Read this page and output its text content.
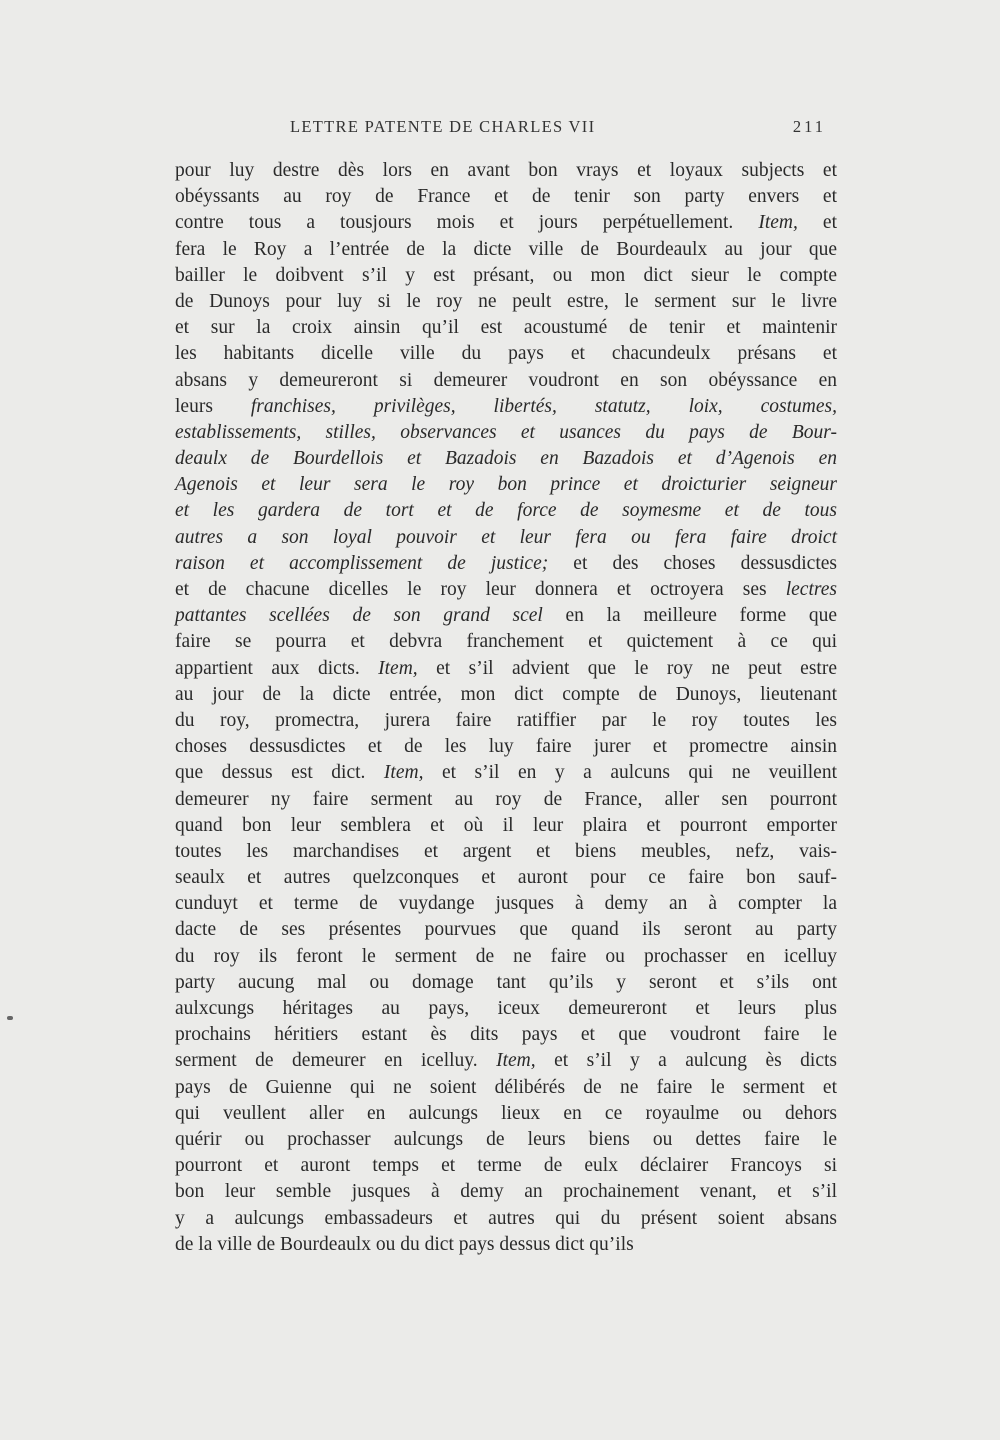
LETTRE PATENTE DE CHARLES VII	211
pour luy destre dès lors en avant bon vrays et loyaux subjects et
obéyssants au roy de France et de tenir son party envers et
contre tous a tousjours mois et jours perpétuellement. Item, et
fera le Roy a l’entrée de la dicte ville de Bourdeaulx au jour que
bailler le doibvent s’il y est présant, ou mon dict sieur le compte
de Dunoys pour luy si le roy ne peult estre, le serment sur le livre
et sur la croix ainsin qu’il est acoustumé de tenir et maintenir
les habitants dicelle ville du pays et chacundeulx présans et
absans y demeureront si demeurer voudront en son obéyssance en
leurs franchises, privilèges, libertés, statutz, loix, costumes,
establissements, stilles, observances et usances du pays de Bour-
deaulx de Bourdellois et Bazadois en Bazadois et d’Agenois en
Agenois et leur sera le roy bon prince et droicturier seigneur
et les gardera de tort et de force de soymesme et de tous
autres a son loyal pouvoir et leur fera ou fera faire droict
raison et accomplissement de justice; et des choses dessusdictes
et de chacune dicelles le roy leur donnera et octroyera ses lectres
pattantes scellées de son grand scel en la meilleure forme que
faire se pourra et debvra franchement et quictement à ce qui
appartient aux dicts. Item, et s’il advient que le roy ne peut estre
au jour de la dicte entrée, mon dict compte de Dunoys, lieutenant
du roy, promectra, jurera faire ratiffier par le roy toutes les
choses dessusdictes et de les luy faire jurer et promectre ainsin
que dessus est dict. Item, et s’il en y a aulcuns qui ne veuillent
demeurer ny faire serment au roy de France, aller sen pourront
quand bon leur semblera et où il leur plaira et pourront emporter
toutes les marchandises et argent et biens meubles, nefz, vais-
seaulx et autres quelzconques et auront pour ce faire bon sauf-
cunduyt et terme de vuydange jusques à demy an à compter la
dacte de ses présentes pourvues que quand ils seront au party
du roy ils feront le serment de ne faire ou prochasser en icelluy
party aucung mal ou domage tant qu’ils y seront et s’ils ont
aulxcungs héritages au pays, iceux demeureront et leurs plus
prochains héritiers estant ès dits pays et que voudront faire le
serment de demeurer en icelluy. Item, et s’il y a aulcung ès dicts
pays de Guienne qui ne soient délibérés de ne faire le serment et
qui veullent aller en aulcungs lieux en ce royaulme ou dehors
quérir ou prochasser aulcungs de leurs biens ou dettes faire le
pourront et auront temps et terme de eulx déclairer Francoys si
bon leur semble jusques à demy an prochainement venant, et s’il
y a aulcungs embassadeurs et autres qui du présent soient absans
de la ville de Bourdeaulx ou du dict pays dessus dict qu’ils
